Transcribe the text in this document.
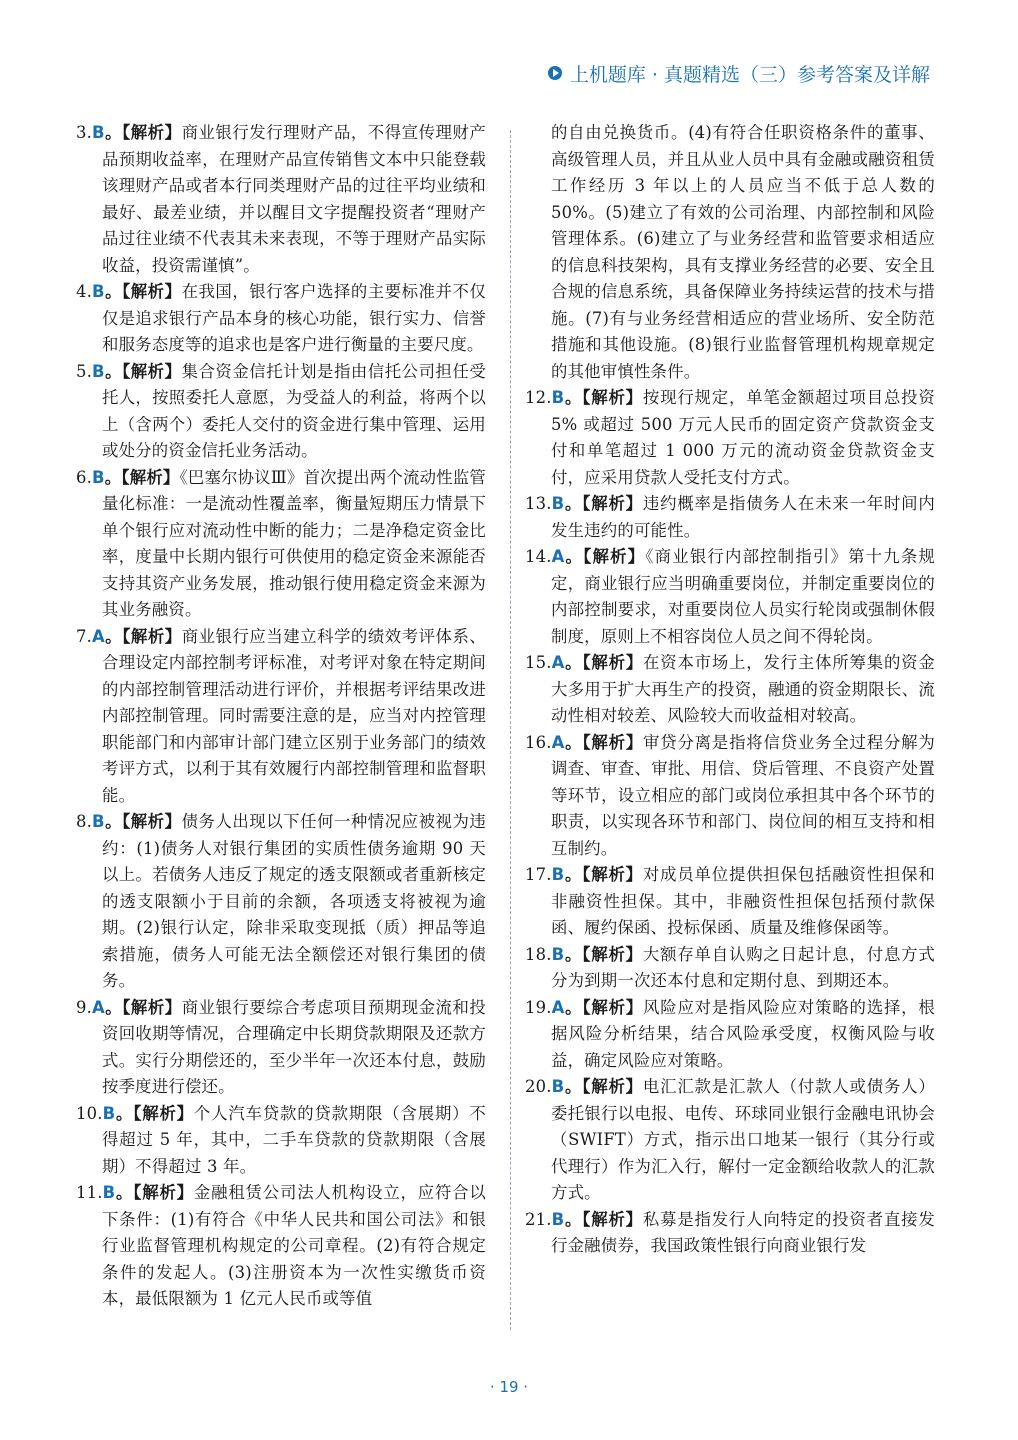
上机题库 · 真题精选（三）参考答案及详解

3.B。【解析】商业银行发行理财产品，不得宣传理财产品预期收益率，在理财产品宣传销售文本中只能登载该理财产品或者本行同类理财产品的过往平均业绩和最好、最差业绩，并以醒目文字提醒投资者“理财产品过往业绩不代表其未来表现，不等于理财产品实际收益，投资需谨慎”。

4.B。【解析】在我国，银行客户选择的主要标准并不仅仅是追求银行产品本身的核心功能，银行实力、信誉和服务态度等的追求也是客户进行衡量的主要尺度。

5.B。【解析】集合资金信托计划是指由信托公司担任受托人，按照委托人意愿，为受益人的利益，将两个以上（含两个）委托人交付的资金进行集中管理、运用或处分的资金信托业务活动。

6.B。【解析】《巴塞尔协议Ⅲ》首次提出两个流动性监管量化标准：一是流动性覆盖率，衡量短期压力情景下单个银行应对流动性中断的能力；二是净稳定资金比率，度量中长期内银行可供使用的稳定资金来源能否支持其资产业务发展，推动银行使用稳定资金来源为其业务融资。

7.A。【解析】商业银行应当建立科学的绩效考评体系、合理设定内部控制考评标准，对考评对象在特定期间的内部控制管理活动进行评价，并根据考评结果改进内部控制管理。同时需要注意的是，应当对内控管理职能部门和内部审计部门建立区别于业务部门的绩效考评方式，以利于其有效履行内部控制管理和监督职能。

8.B。【解析】债务人出现以下任何一种情况应被视为违约：(1)债务人对银行集团的实质性债务逾期 90 天以上。若债务人违反了规定的透支限额或者重新核定的透支限额小于目前的余额，各项透支将被视为逾期。(2)银行认定，除非采取变现抵（质）押品等追索措施，债务人可能无法全额偿还对银行集团的债务。

9.A。【解析】商业银行要综合考虑项目预期现金流和投资回收期等情况，合理确定中长期贷款期限及还款方式。实行分期偿还的，至少半年一次还本付息，鼓励按季度进行偿还。

10.B。【解析】个人汽车贷款的贷款期限（含展期）不得超过 5 年，其中，二手车贷款的贷款期限（含展期）不得超过 3 年。

11.B。【解析】金融租赁公司法人机构设立，应符合以下条件：(1)有符合《中华人民共和国公司法》和银行业监督管理机构规定的公司章程。(2)有符合规定条件的发起人。(3)注册资本为一次性实缴货币资本，最低限额为 1 亿元人民币或等值

的自由兑换货币。(4)有符合任职资格条件的董事、高级管理人员，并且从业人员中具有金融或融资租赁工作经历 3 年以上的人员应当不低于总人数的 50%。(5)建立了有效的公司治理、内部控制和风险管理体系。(6)建立了与业务经营和监管要求相适应的信息科技架构，具有支撑业务经营的必要、安全且合规的信息系统，具备保障业务持续运营的技术与措施。(7)有与业务经营相适应的营业场所、安全防范措施和其他设施。(8)银行业监督管理机构规章规定的其他审慎性条件。

12.B。【解析】按现行规定，单笔金额超过项目总投资 5% 或超过 500 万元人民币的固定资产贷款资金支付和单笔超过 1 000 万元的流动资金贷款资金支付，应采用贷款人受托支付方式。

13.B。【解析】违约概率是指债务人在未来一年时间内发生违约的可能性。

14.A。【解析】《商业银行内部控制指引》第十九条规定，商业银行应当明确重要岗位，并制定重要岗位的内部控制要求，对重要岗位人员实行轮岗或强制休假制度，原则上不相容岗位人员之间不得轮岗。

15.A。【解析】在资本市场上，发行主体所筹集的资金大多用于扩大再生产的投资，融通的资金期限长、流动性相对较差、风险较大而收益相对较高。

16.A。【解析】审贷分离是指将信贷业务全过程分解为调查、审查、审批、用信、贷后管理、不良资产处置等环节，设立相应的部门或岗位承担其中各个环节的职责，以实现各环节和部门、岗位间的相互支持和相互制约。

17.B。【解析】对成员单位提供担保包括融资性担保和非融资性担保。其中，非融资性担保包括预付款保函、履约保函、投标保函、质量及维修保函等。

18.B。【解析】大额存单自认购之日起计息，付息方式分为到期一次还本付息和定期付息、到期还本。

19.A。【解析】风险应对是指风险应对策略的选择，根据风险分析结果，结合风险承受度，权衡风险与收益，确定风险应对策略。

20.B。【解析】电汇汇款是汇款人（付款人或债务人）委托银行以电报、电传、环球同业银行金融电讯协会（SWIFT）方式，指示出口地某一银行（其分行或代理行）作为汇入行，解付一定金额给收款人的汇款方式。

21.B。【解析】私募是指发行人向特定的投资者直接发行金融债券，我国政策性银行向商业银行发

· 19 ·
